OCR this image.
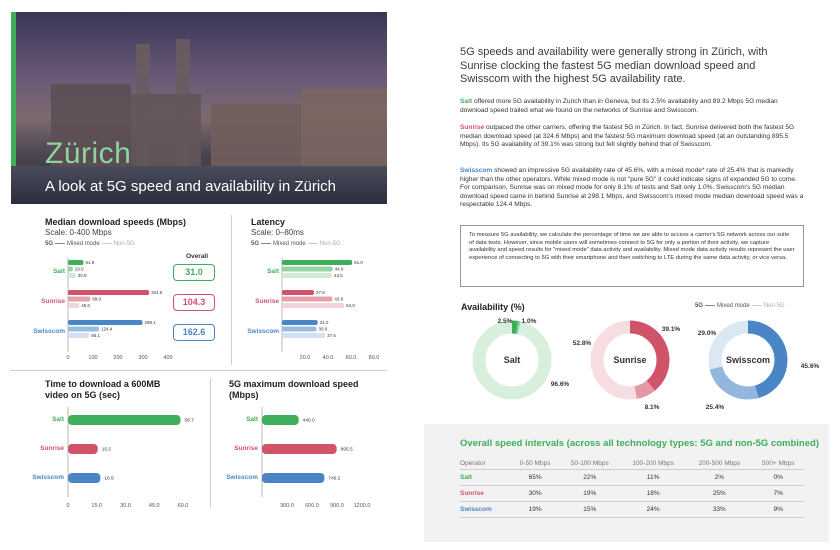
Zürich
A look at 5G speed and availability in Zürich
Median download speeds (Mbps)
Scale: 0-400 Mbps
5G Mixed mode Non-5G
Overall
Salt
61.9
19.0
30.9
Sunrise
324.6
89.0
45.0
Swisscom
298.1
124.4
85.1
0	100	200	300	400
31.0
104.3
162.6
Latency
Scale: 0–80ms
5G Mixed mode Non-5G
Salt
61.0
44.0
43.5
Sunrise
27.8
43.8
54.0
Swisscom
31.0
30.0
37.5
20.0 40.0 60.0 80.0
Time to download a 600MB video on 5G (sec)
Salt	58.7
Sunrise	15.5
Swisscom	16.9
0	15.0	30.0	45.0	60.0
5G maximum download speed (Mbps)
Salt	440.0
Sunrise	895.5
Swisscom	749.2
300.0 600.0 900.0 1200.0
5G speeds and availability were generally strong in Zürich, with Sunrise clocking the fastest 5G median download speed and Swisscom with the highest 5G availability rate.

Salt offered more 5G availability in Zurich than in Geneva, but its 2.5% availability and 89.2 Mbps 5G median download speed trailed what we found on the networks of Sunrise and Swisscom.

Sunrise outpaced the other carriers, offering the fastest 5G in Zürich. In fact, Sunrise delivered both the fastest 5G median download speed (at 324.6 Mbps) and the fastest 5G maximum download speed (at an outstanding 895.5 Mbps). Its 5G availability of 39.1% was strong but fell slightly behind that of Swisscom.

Swisscom showed an impressive 5G availability rate of 45.6%, with a mixed mode* rate of 25.4% that is markedly higher than the other operators. While mixed mode is not "pure 5G" it could indicate signs of expanded 5G to come. For comparison, Sunrise was on mixed mode for only 8.1% of tests and Salt only 1.0%. Swisscom's 5G median download speed came in behind Sunrise at 298.1 Mbps, and Swisscom's mixed mode median download speed was a respectable 124.4 Mbps.

To measure 5G availability, we calculate the percentage of time we are able to access a carrier's 5G network across our suite of data tests. However, since mobile users will sometimes connect to 5G for only a portion of their activity, we capture availability and speed results for "mixed mode" data activity and availability. Mixed mode data activity results represent the user experience of connecting to 5G with their smartphone and then switching to LTE during the same data activity, or vice versa.
Availability (%)	5G Mixed mode Non-5G
Salt	Sunrise	Swisscom
2.5% 1.0%
96.6%
39.1%
8.1%
52.8%
45.6%
25.4%
29.0%
Overall speed intervals (across all technology types: 5G and non-5G combined)
Operator	0-50 Mbps	50-100 Mbps	100-200 Mbps	200-500 Mbps	500+ Mbps
Salt	65%	22%	11%	2%	0%
Sunrise	30%	19%	18%	25%	7%
Swisscom	19%	15%	24%	33%	9%
